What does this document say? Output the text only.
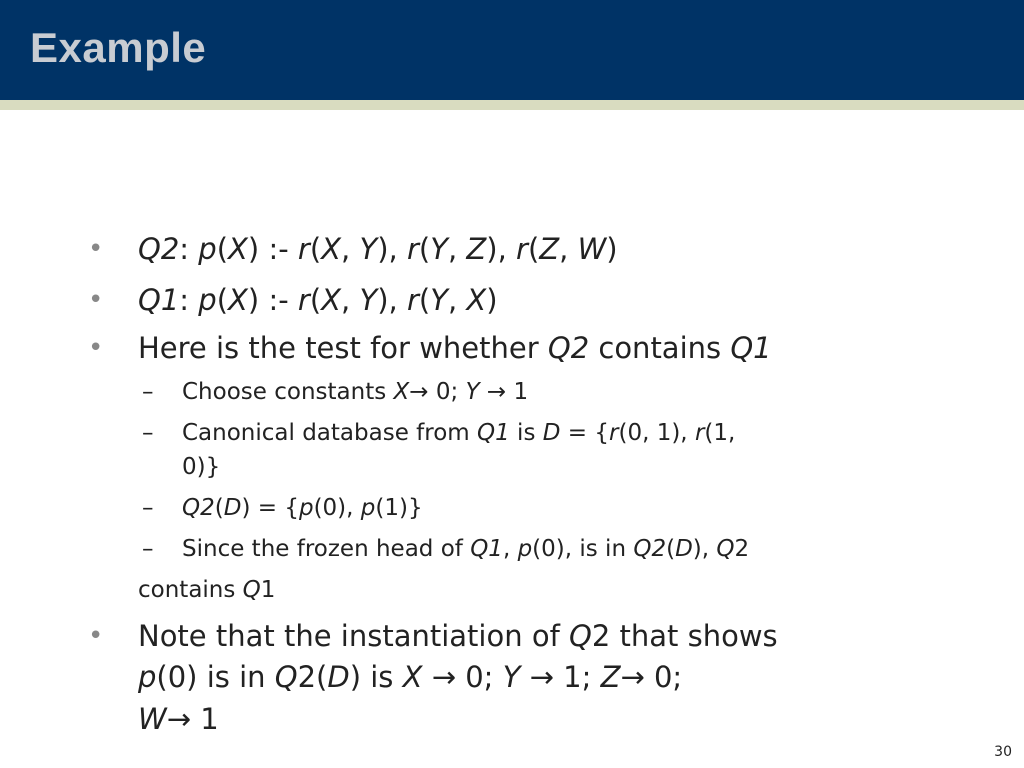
Example
• Q2: p(X) :- r(X, Y), r(Y, Z), r(Z, W)
• Q1: p(X) :- r(X, Y), r(Y, X)
• Here is the test for whether Q2 contains Q1
– Choose constants X→ 0; Y → 1
– Canonical database from Q1 is D = {r(0, 1), r(1,
0)}
– Q2(D) = {p(0), p(1)}
– Since the frozen head of Q1, p(0), is in Q2(D), Q2
contains Q1
• Note that the instantiation of Q2 that shows
p(0) is in Q2(D) is X → 0; Y → 1; Z→ 0;
W→ 1
30
